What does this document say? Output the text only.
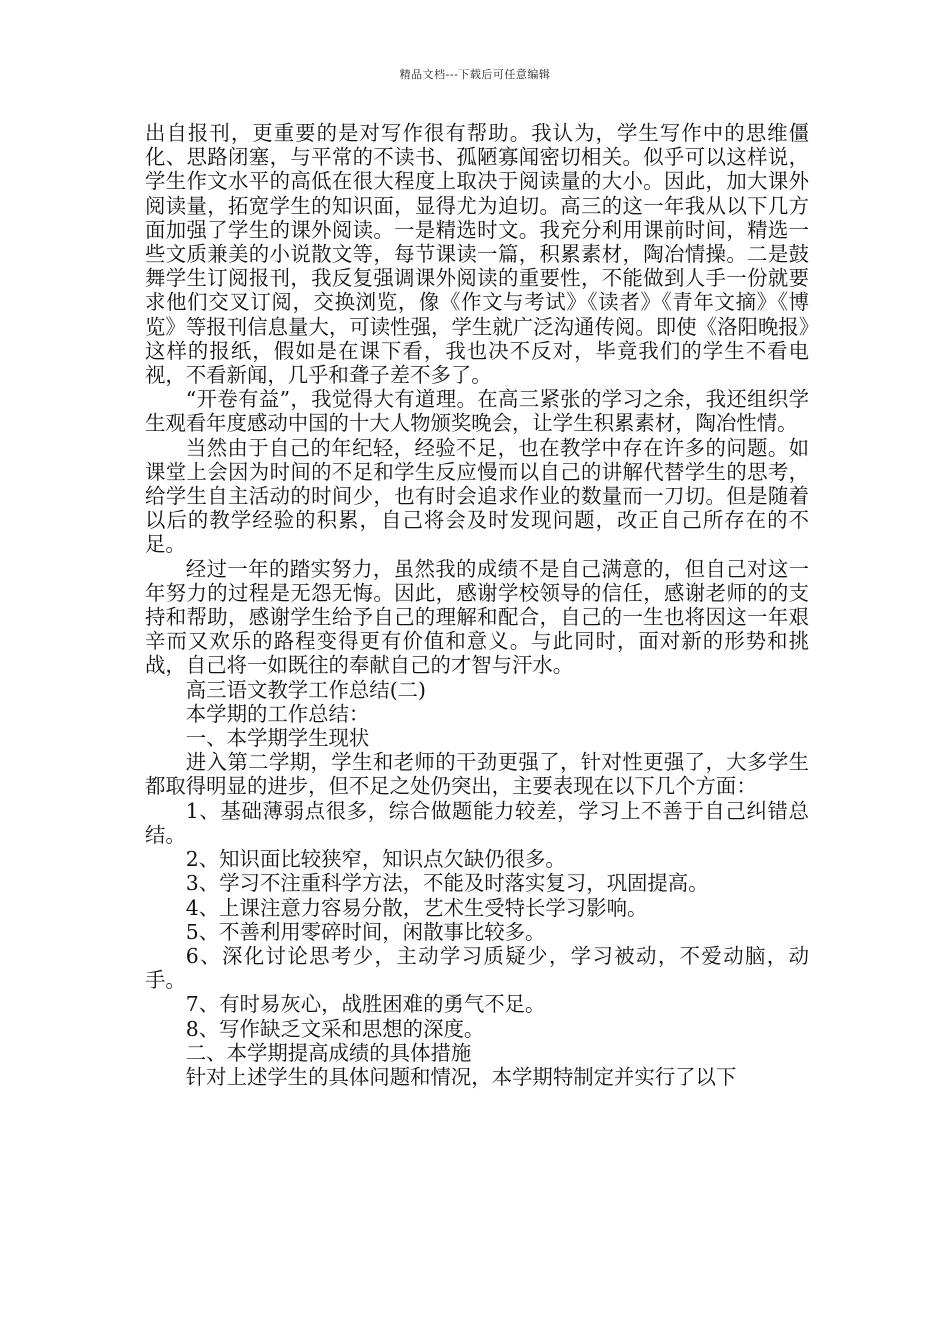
精品文档---下载后可任意编辑

出自报刊，更重要的是对写作很有帮助。我认为，学生写作中的思维僵化、思路闭塞，与平常的不读书、孤陋寡闻密切相关。似乎可以这样说，学生作文水平的高低在很大程度上取决于阅读量的大小。因此，加大课外阅读量，拓宽学生的知识面，显得尤为迫切。高三的这一年我从以下几方面加强了学生的课外阅读。一是精选时文。我充分利用课前时间，精选一些文质兼美的小说散文等，每节课读一篇，积累素材，陶冶情操。二是鼓舞学生订阅报刊，我反复强调课外阅读的重要性，不能做到人手一份就要求他们交叉订阅，交换浏览，像《作文与考试》《读者》《青年文摘》《博览》等报刊信息量大，可读性强，学生就广泛沟通传阅。即使《洛阳晚报》这样的报纸，假如是在课下看，我也决不反对，毕竟我们的学生不看电视，不看新闻，几乎和聋子差不多了。

“开卷有益”，我觉得大有道理。在高三紧张的学习之余，我还组织学生观看年度感动中国的十大人物颁奖晚会，让学生积累素材，陶冶性情。

当然由于自己的年纪轻，经验不足，也在教学中存在许多的问题。如课堂上会因为时间的不足和学生反应慢而以自己的讲解代替学生的思考，给学生自主活动的时间少，也有时会追求作业的数量而一刀切。但是随着以后的教学经验的积累，自己将会及时发现问题，改正自己所存在的不足。

经过一年的踏实努力，虽然我的成绩不是自己满意的，但自己对这一年努力的过程是无怨无悔。因此，感谢学校领导的信任，感谢老师的的支持和帮助，感谢学生给予自己的理解和配合，自己的一生也将因这一年艰辛而又欢乐的路程变得更有价值和意义。与此同时，面对新的形势和挑战，自己将一如既往的奉献自己的才智与汗水。

高三语文教学工作总结(二)

本学期的工作总结：

一、本学期学生现状

进入第二学期，学生和老师的干劲更强了，针对性更强了，大多学生都取得明显的进步，但不足之处仍突出，主要表现在以下几个方面：

1、基础薄弱点很多，综合做题能力较差，学习上不善于自己纠错总结。

2、知识面比较狭窄，知识点欠缺仍很多。

3、学习不注重科学方法，不能及时落实复习，巩固提高。

4、上课注意力容易分散，艺术生受特长学习影响。

5、不善利用零碎时间，闲散事比较多。

6、深化讨论思考少，主动学习质疑少，学习被动，不爱动脑，动手。

7、有时易灰心，战胜困难的勇气不足。

8、写作缺乏文采和思想的深度。

二、本学期提高成绩的具体措施

针对上述学生的具体问题和情况，本学期特制定并实行了以下
